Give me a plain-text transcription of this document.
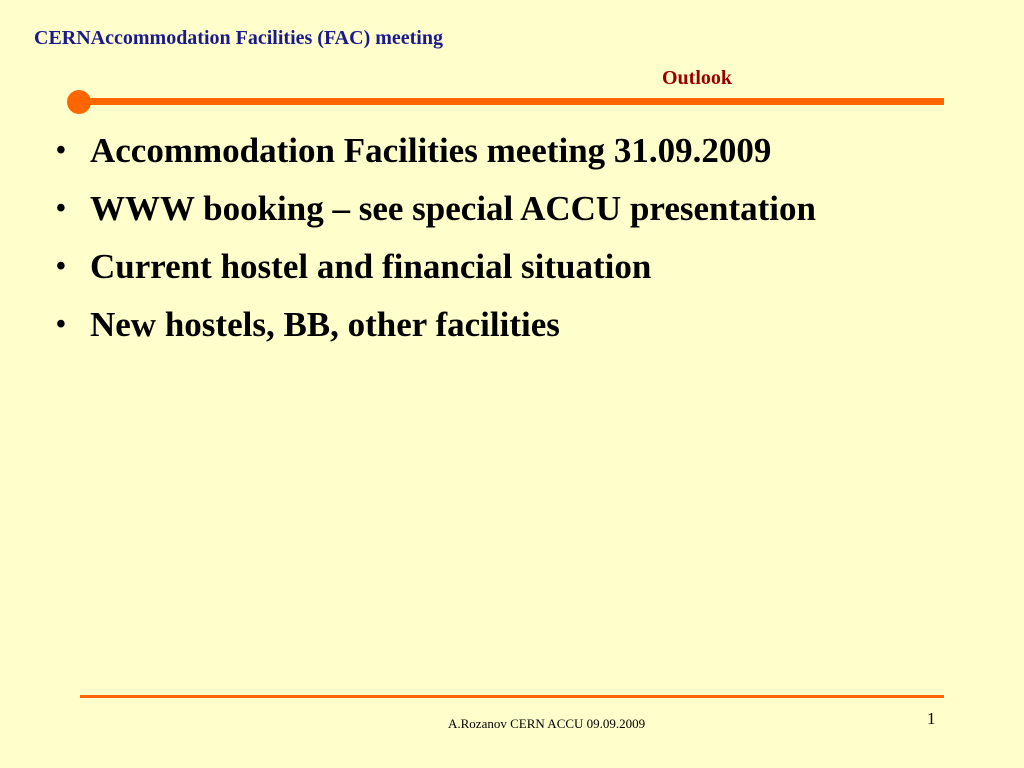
CERNAccommodation Facilities (FAC) meeting
Outlook
• Accommodation Facilities meeting 31.09.2009
• WWW booking – see special ACCU presentation
• Current hostel and financial situation
• New hostels, BB, other facilities
A.Rozanov CERN ACCU 09.09.2009	1
